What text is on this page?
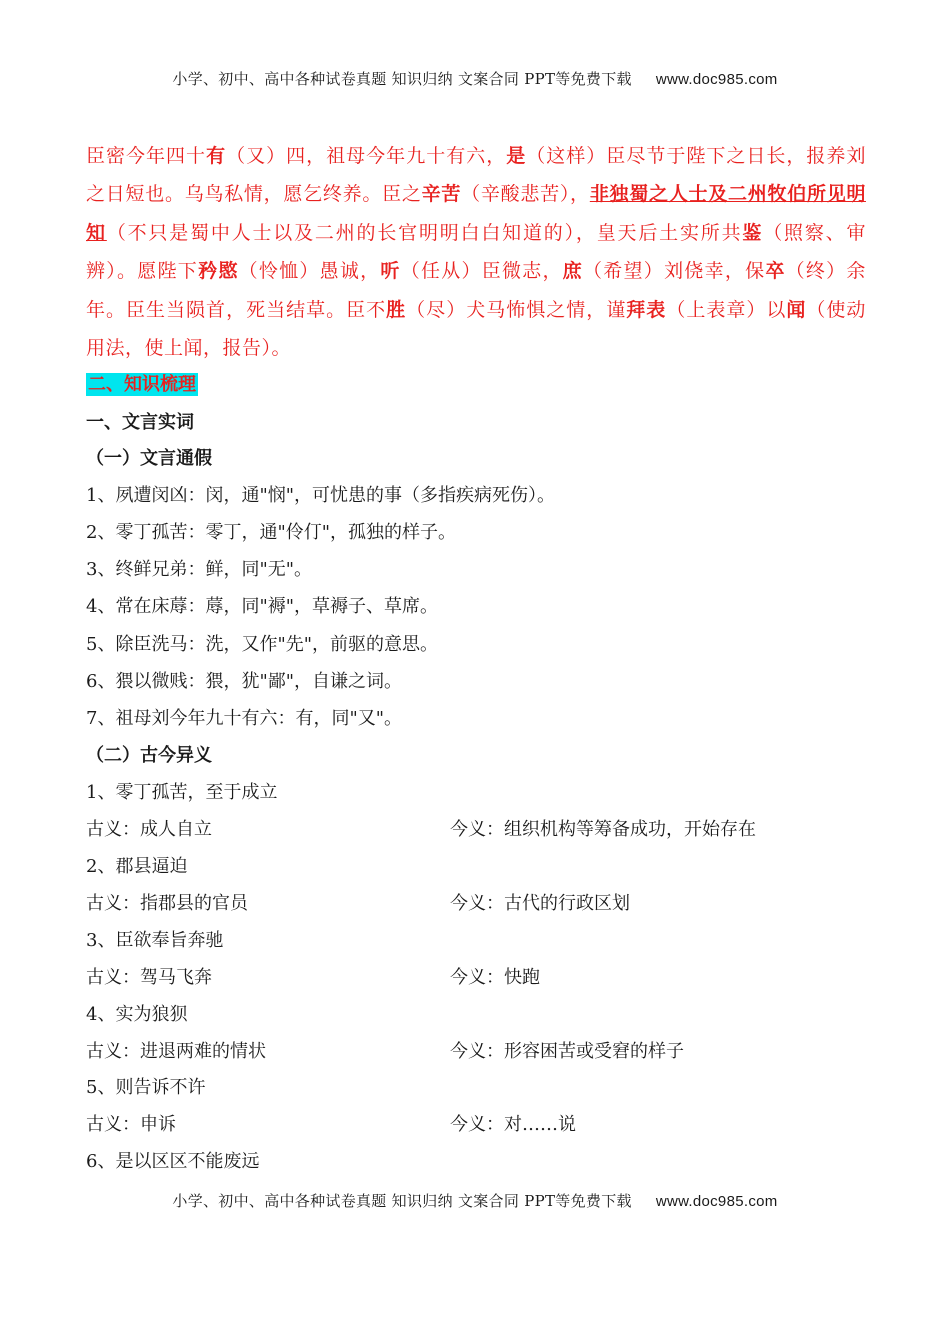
小学、初中、高中各种试卷真题 知识归纳 文案合同 PPT等免费下载 www.doc985.com
臣密今年四十有（又）四，祖母今年九十有六，是（这样）臣尽节于陛下之日长，报养刘之日短也。乌鸟私情，愿乞终养。臣之辛苦（辛酸悲苦），非独蜀之人士及二州牧伯所见明知（不只是蜀中人士以及二州的长官明明白白知道的），皇天后土实所共鉴（照察、审辨）。愿陛下矜愍（怜恤）愚诚，听（任从）臣微志，庶（希望）刘侥幸，保卒（终）余年。臣生当陨首，死当结草。臣不胜（尽）犬马怖惧之情，谨拜表（上表章）以闻（使动用法，使上闻，报告）。
二、知识梳理
一、文言实词
（一）文言通假
1、夙遭闵凶：闵，通"悯"，可忧患的事（多指疾病死伤）。
2、零丁孤苦：零丁，通"伶仃"，孤独的样子。
3、终鲜兄弟：鲜，同"无"。
4、常在床蓐：蓐，同"褥"，草褥子、草席。
5、除臣洗马：洗，又作"先"，前驱的意思。
6、猥以微贱：猥，犹"鄙"，自谦之词。
7、祖母刘今年九十有六：有，同"又"。
（二）古今异义
1、零丁孤苦，至于成立
古义：成人自立	今义：组织机构等筹备成功，开始存在
2、郡县逼迫
古义：指郡县的官员	今义：古代的行政区划
3、臣欲奉旨奔驰
古义：驾马飞奔	今义：快跑
4、实为狼狈
古义：进退两难的情状	今义：形容困苦或受窘的样子
5、则告诉不许
古义：申诉	今义：对……说
6、是以区区不能废远
小学、初中、高中各种试卷真题 知识归纳 文案合同 PPT等免费下载 www.doc985.com
